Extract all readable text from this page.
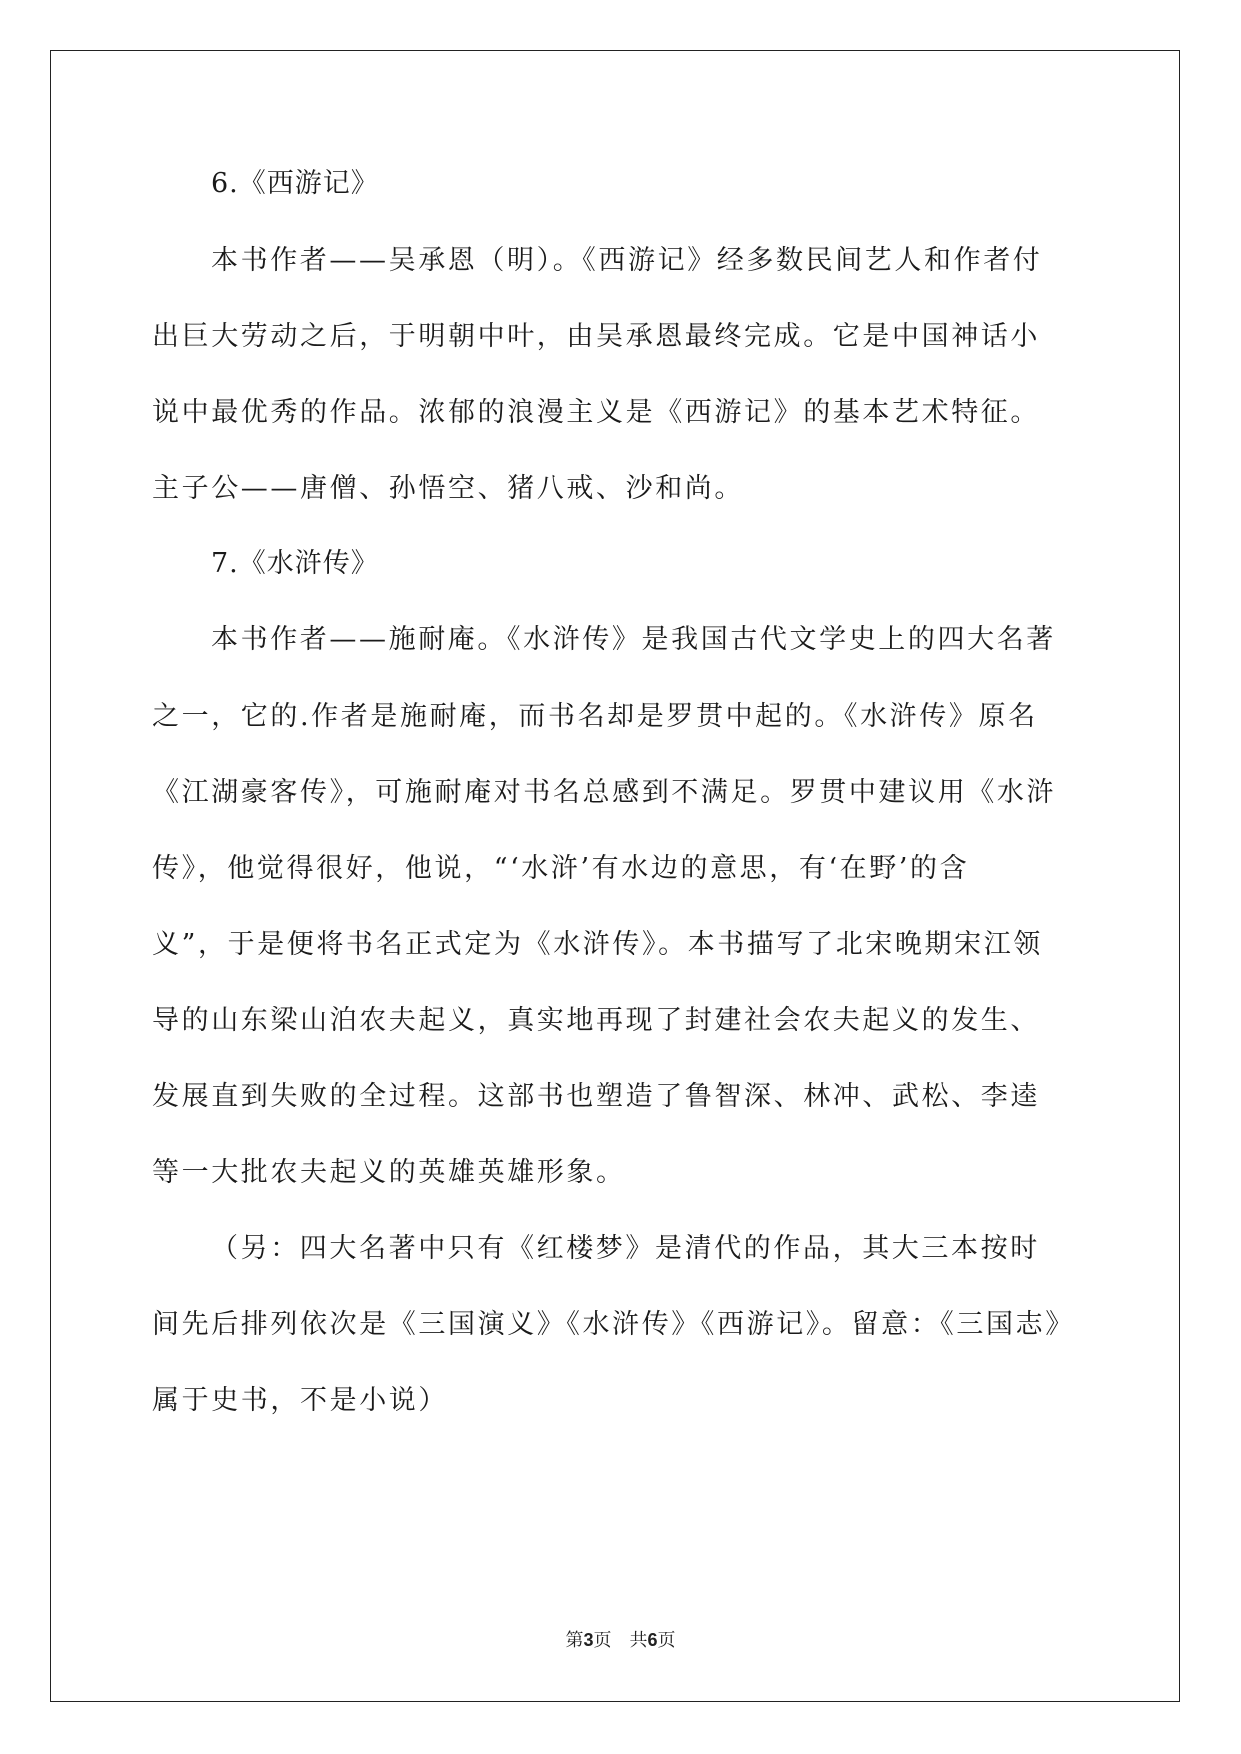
6.《西游记》

本书作者——吴承恩（明）。《西游记》经多数民间艺人和作者付

出巨大劳动之后，于明朝中叶，由吴承恩最终完成。它是中国神话小

说中最优秀的作品。浓郁的浪漫主义是《西游记》的基本艺术特征。

主子公——唐僧、孙悟空、猪八戒、沙和尚。

7.《水浒传》

本书作者——施耐庵。《水浒传》是我国古代文学史上的四大名著

之一，它的.作者是施耐庵，而书名却是罗贯中起的。《水浒传》原名

《江湖豪客传》，可施耐庵对书名总感到不满足。罗贯中建议用《水浒

传》，他觉得很好，他说，“‘水浒’有水边的意思，有‘在野’的含

义”，于是便将书名正式定为《水浒传》。本书描写了北宋晚期宋江领

导的山东梁山泊农夫起义，真实地再现了封建社会农夫起义的发生、

发展直到失败的全过程。这部书也塑造了鲁智深、林冲、武松、李逵

等一大批农夫起义的英雄英雄形象。

（另：四大名著中只有《红楼梦》是清代的作品，其大三本按时

间先后排列依次是《三国演义》《水浒传》《西游记》。留意：《三国志》

属于史书，不是小说）

第3页　共6页
